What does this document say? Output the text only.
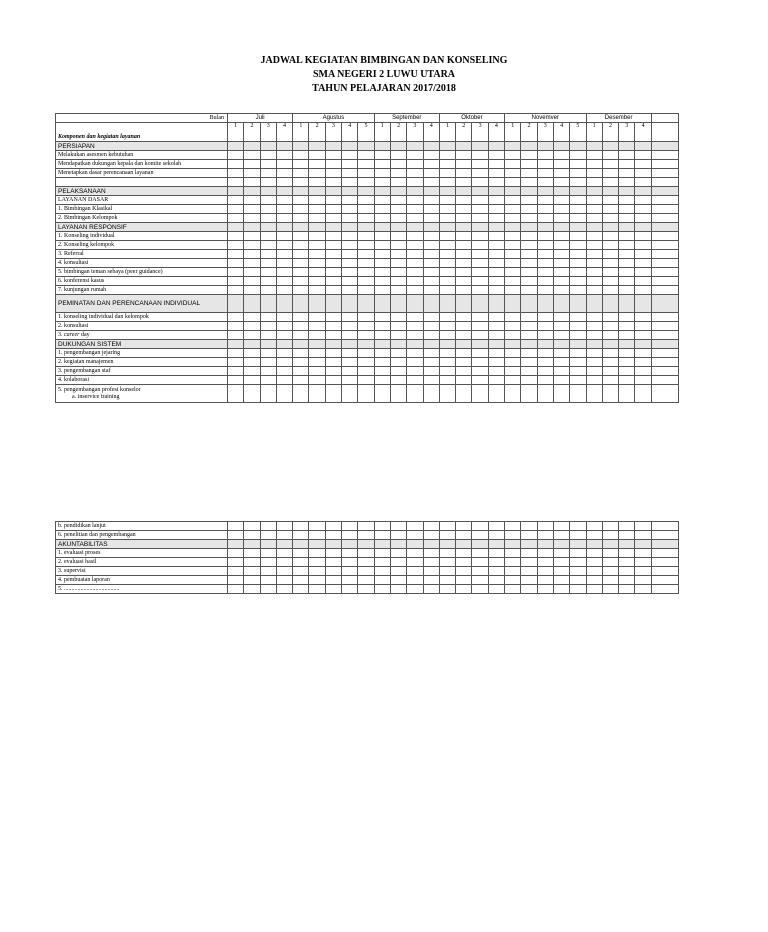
JADWAL KEGIATAN BIMBINGAN DAN KONSELING
SMA NEGERI 2 LUWU UTARA
TAHUN PELAJARAN 2017/2018
Bulan	Juli				Agustus					September				Oktober				Novemver					Desember				
Komponen dan kegiatan layanan	1	2	3	4	1	2	3	4	5	1	2	3	4	1	2	3	4	1	2	3	4	5	1	2	3	4	
PERSIAPAN																											
Melakukan asesmen kebutuhan																											
Mendapatkan dukungan kepala dan komite sekolah																											
Menetapkan dasar perencanaan layanan																											

PELAKSANAAN																											
LAYANAN DASAR																											
1. Bimbingan Klasikal																											
2. Bimbingan Kelompok																											
LAYANAN RESPONSIF																											
1. Konseling individual																											
2. Konseling kelompok																											
3. Referral																											
4. konsultasi																											
5. bimbingan teman sebaya (peer guidance)																											
6. konferensi kasus																											
7. kunjungan rumah																											
PEMINATAN DAN PERENCANAAN INDIVIDUAL																											
1. konseling individual dan kelompok																											
2. konsultasi																											
3. career day																											
DUKUNGAN SISTEM																											
1. pengembangan jejaring																											
2. kegiatan manajemen																											
3. pengembangan staf																											
4. kolaborasi																											
5. pengembangan profesi konselor
a. inservice training																											
b. pendidikan lanjut																											
6. penelitian dan pengembangan																											
AKUNTABILITAS																											
1. evaluasi proses																											
2. evaluasi hasil																											
3. supervisi																											
4. pembuatan laporan																											
5. .....................................																											
